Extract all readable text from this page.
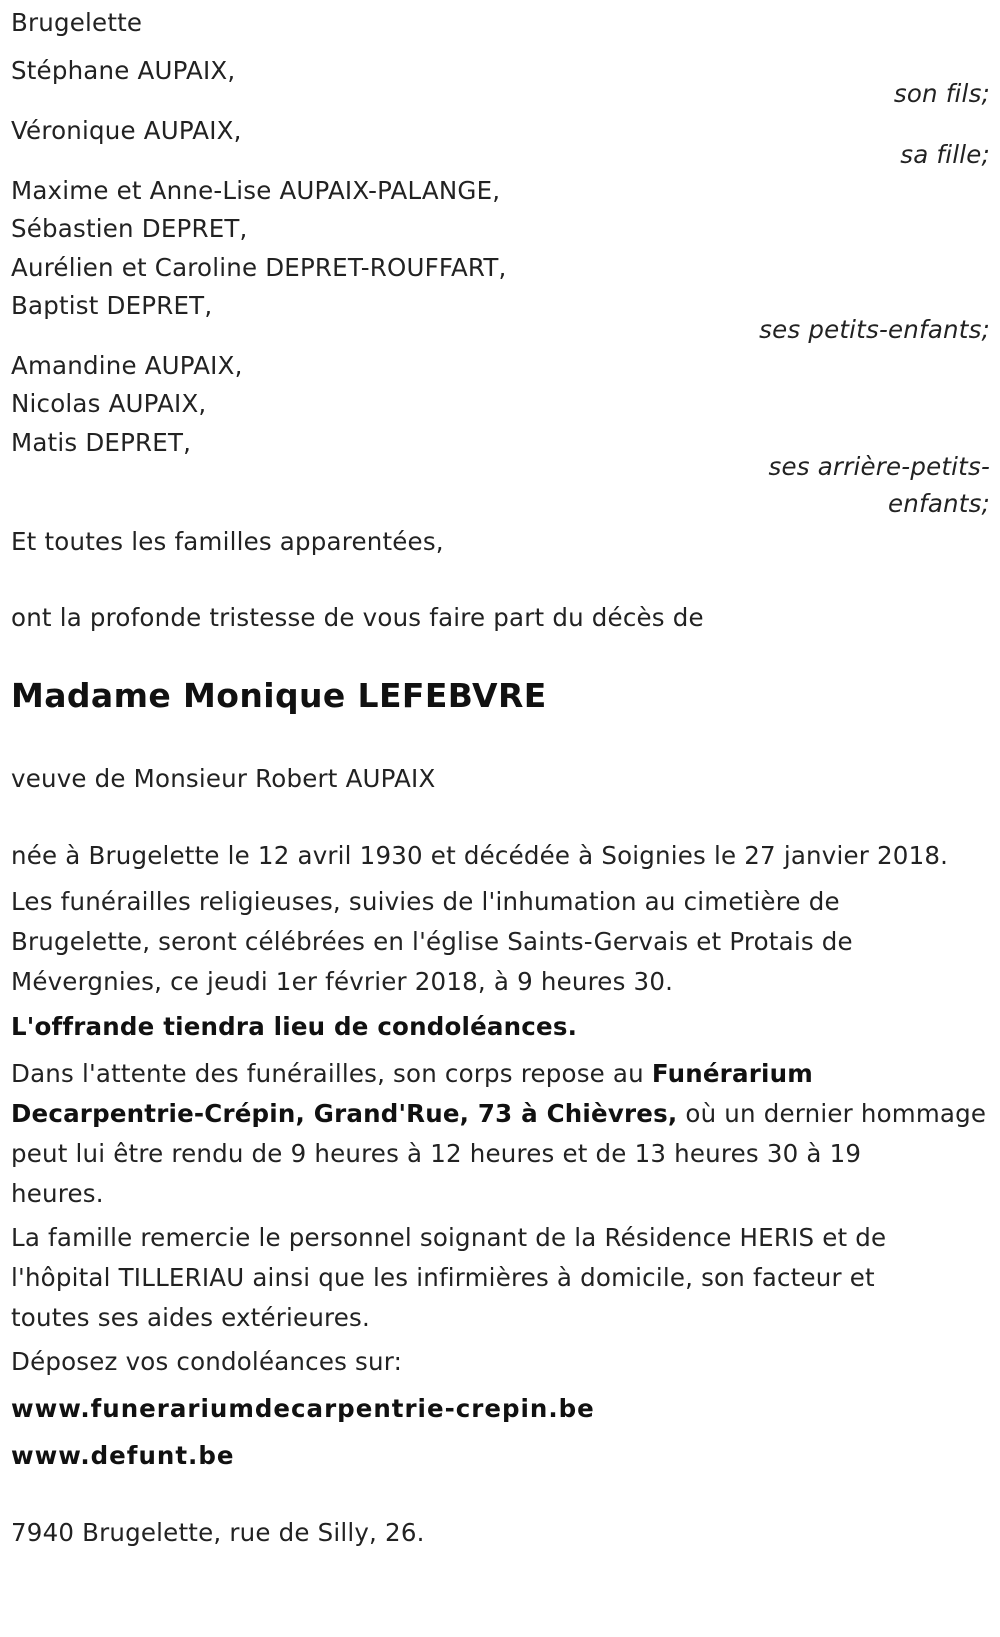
Brugelette
Stéphane AUPAIX,
son fils;
Véronique AUPAIX,
sa fille;
Maxime et Anne-Lise AUPAIX-PALANGE,
Sébastien DEPRET,
Aurélien et Caroline DEPRET-ROUFFART,
Baptist DEPRET,
ses petits-enfants;
Amandine AUPAIX,
Nicolas AUPAIX,
Matis DEPRET,
ses arrière-petits-
enfants;
Et toutes les familles apparentées,
ont la profonde tristesse de vous faire part du décès de
Madame Monique LEFEBVRE
veuve de Monsieur Robert AUPAIX
née à Brugelette le 12 avril 1930 et décédée à Soignies le 27 janvier 2018.
Les funérailles religieuses, suivies de l'inhumation au cimetière de
Brugelette, seront célébrées en l'église Saints-Gervais et Protais de
Mévergnies, ce jeudi 1er février 2018, à 9 heures 30.
L'offrande tiendra lieu de condoléances.
Dans l'attente des funérailles, son corps repose au Funérarium
Decarpentrie-Crépin, Grand'Rue, 73 à Chièvres, où un dernier hommage
peut lui être rendu de 9 heures à 12 heures et de 13 heures 30 à 19
heures.
La famille remercie le personnel soignant de la Résidence HERIS et de
l'hôpital TILLERIAU ainsi que les infirmières à domicile, son facteur et
toutes ses aides extérieures.
Déposez vos condoléances sur:
www.funerariumdecarpentrie-crepin.be
www.defunt.be
7940 Brugelette, rue de Silly, 26.
